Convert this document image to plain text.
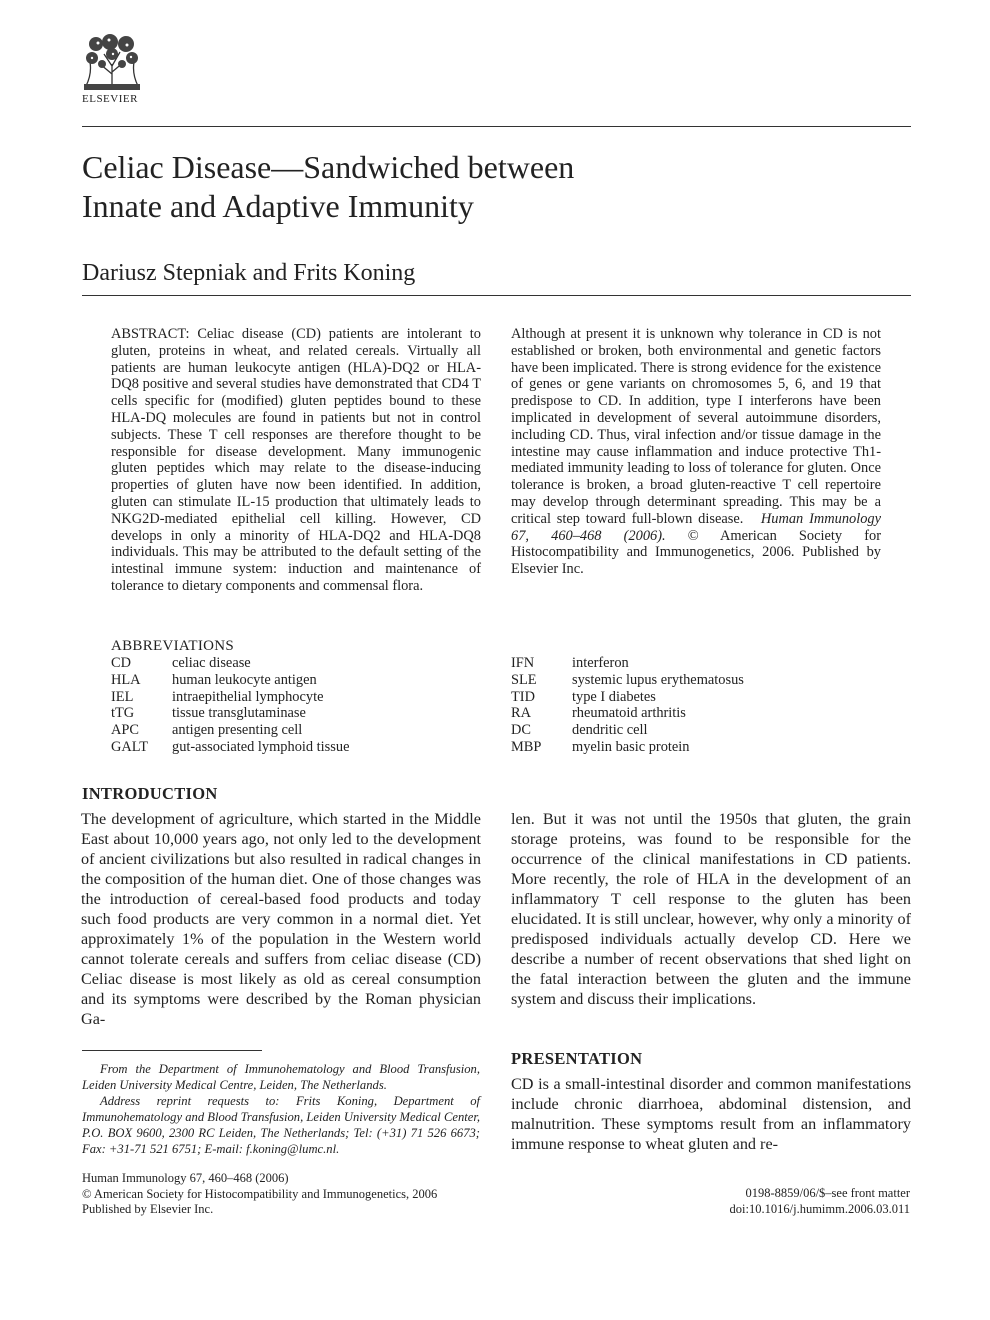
ELSEVIER
Celiac Disease—Sandwiched between
Innate and Adaptive Immunity
Dariusz Stepniak and Frits Koning

ABSTRACT: Celiac disease (CD) patients are intolerant to gluten, proteins in wheat, and related cereals. Virtually all patients are human leukocyte antigen (HLA)-DQ2 or HLA-DQ8 positive and several studies have demonstrated that CD4 T cells specific for (modified) gluten peptides bound to these HLA-DQ molecules are found in patients but not in control subjects. These T cell responses are therefore thought to be responsible for disease development. Many immunogenic gluten peptides which may relate to the disease-inducing properties of gluten have now been identified. In addition, gluten can stimulate IL-15 production that ultimately leads to NKG2D-mediated epithelial cell killing. However, CD develops in only a minority of HLA-DQ2 and HLA-DQ8 individuals. This may be attributed to the default setting of the intestinal immune system: induction and maintenance of tolerance to dietary components and commensal flora.

Although at present it is unknown why tolerance in CD is not established or broken, both environmental and genetic factors have been implicated. There is strong evidence for the existence of genes or gene variants on chromosomes 5, 6, and 19 that predispose to CD. In addition, type I interferons have been implicated in development of several autoimmune disorders, including CD. Thus, viral infection and/or tissue damage in the intestine may cause inflammation and induce protective Th1-mediated immunity leading to loss of tolerance for gluten. Once tolerance is broken, a broad gluten-reactive T cell repertoire may develop through determinant spreading. This may be a critical step toward full-blown disease. Human Immunology 67, 460–468 (2006). © American Society for Histocompatibility and Immunogenetics, 2006. Published by Elsevier Inc.

ABBREVIATIONS
CD	celiac disease
HLA	human leukocyte antigen
IEL	intraepithelial lymphocyte
tTG	tissue transglutaminase
APC	antigen presenting cell
GALT	gut-associated lymphoid tissue
IFN	interferon
SLE	systemic lupus erythematosus
TID	type I diabetes
RA	rheumatoid arthritis
DC	dendritic cell
MBP	myelin basic protein
INTRODUCTION

The development of agriculture, which started in the Middle East about 10,000 years ago, not only led to the development of ancient civilizations but also resulted in radical changes in the composition of the human diet. One of those changes was the introduction of cereal-based food products and today such food products are very common in a normal diet. Yet approximately 1% of the population in the Western world cannot tolerate cereals and suffers from celiac disease (CD) Celiac disease is most likely as old as cereal consumption and its symptoms were described by the Roman physician Ga-

len. But it was not until the 1950s that gluten, the grain storage proteins, was found to be responsible for the occurrence of the clinical manifestations in CD patients. More recently, the role of HLA in the development of an inflammatory T cell response to the gluten has been elucidated. It is still unclear, however, why only a minority of predisposed individuals actually develop CD. Here we describe a number of recent observations that shed light on the fatal interaction between the gluten and the immune system and discuss their implications.

PRESENTATION

CD is a small-intestinal disorder and common manifestations include chronic diarrhoea, abdominal distension, and malnutrition. These symptoms result from an inflammatory immune response to wheat gluten and re-

From the Department of Immunohematology and Blood Transfusion, Leiden University Medical Centre, Leiden, The Netherlands.

Address reprint requests to: Frits Koning, Department of Immunohematology and Blood Transfusion, Leiden University Medical Center, P.O. BOX 9600, 2300 RC Leiden, The Netherlands; Tel: (+31) 71 526 6673; Fax: +31-71 521 6751; E-mail: f.koning@lumc.nl.

Human Immunology 67, 460–468 (2006)
© American Society for Histocompatibility and Immunogenetics, 2006
Published by Elsevier Inc.
0198-8859/06/$–see front matter
doi:10.1016/j.humimm.2006.03.011
